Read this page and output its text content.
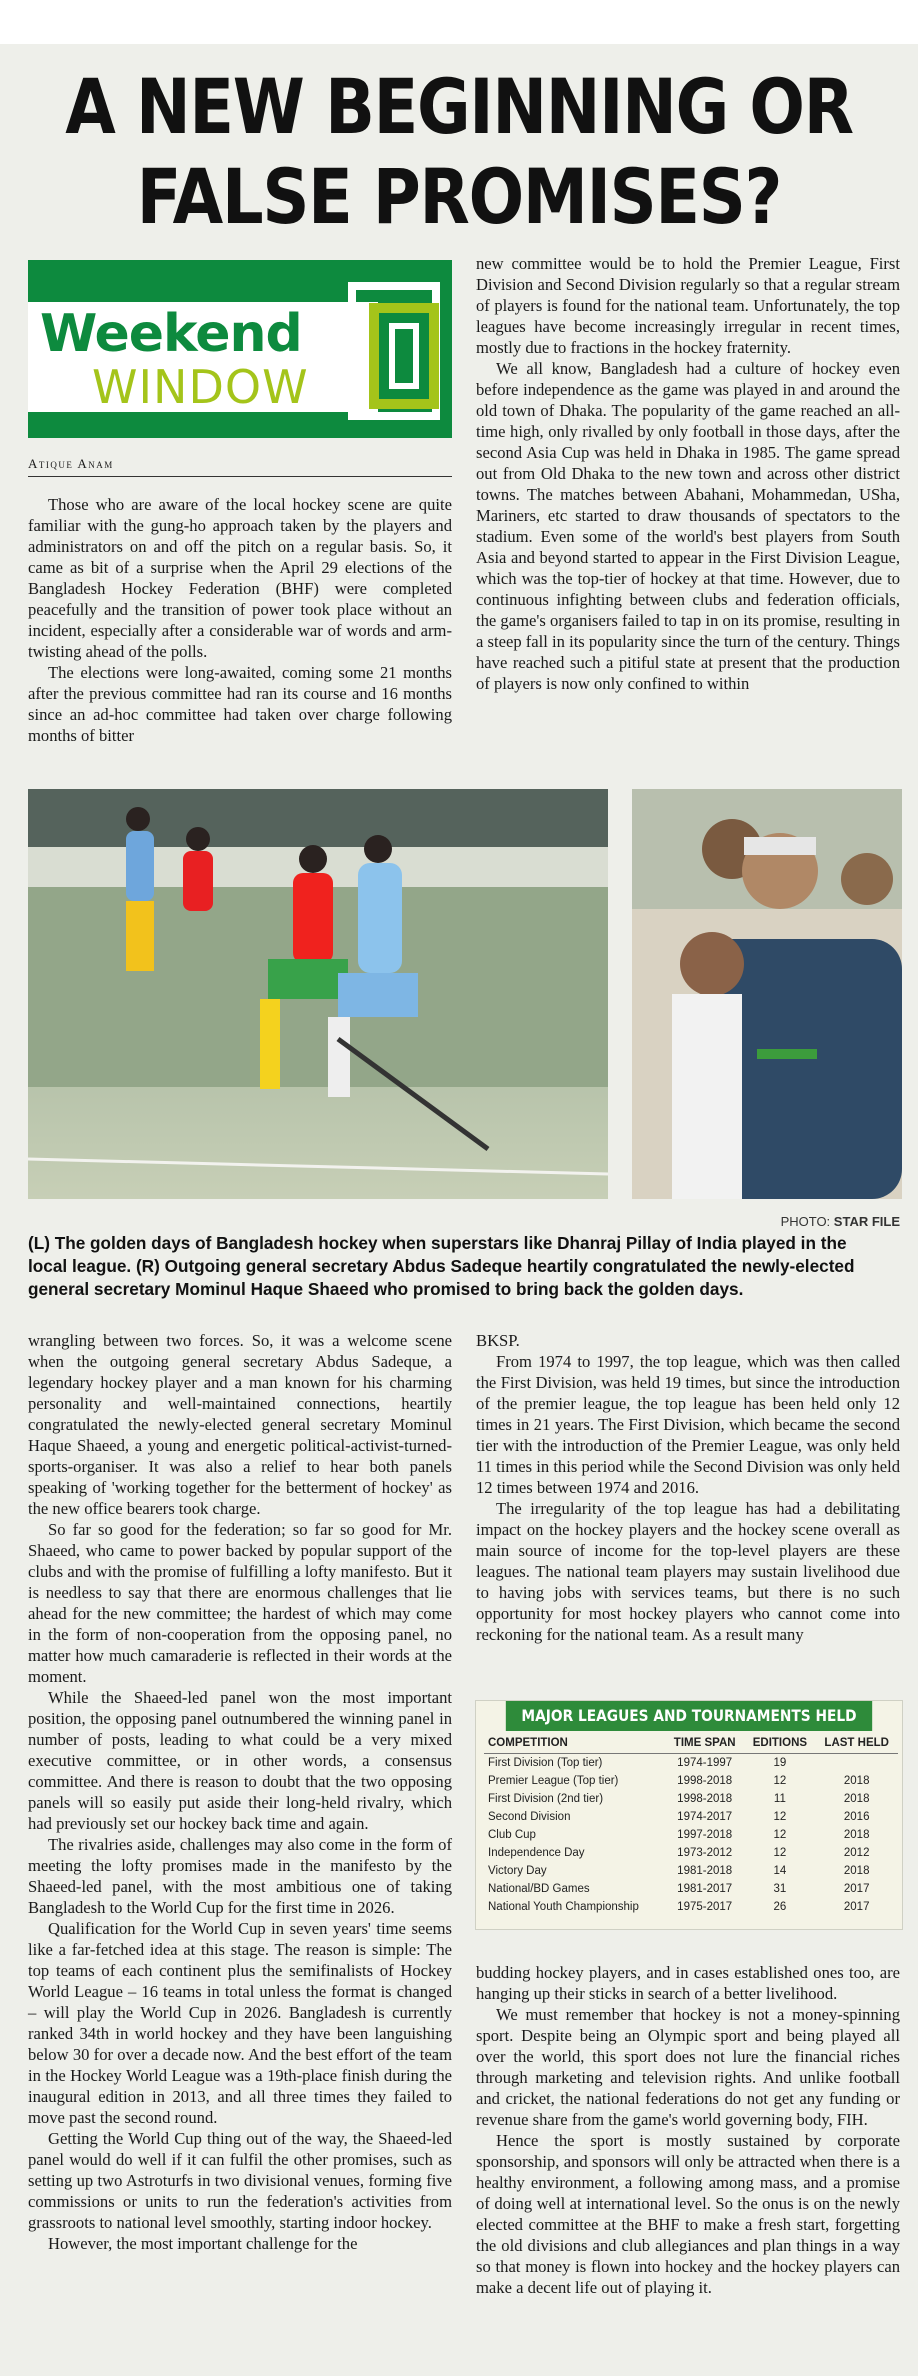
A NEW BEGINNING OR
FALSE PROMISES?
Weekend
WINDOW
Atique Anam

Those who are aware of the local hockey scene are quite familiar with the gung-ho approach taken by the players and administrators on and off the pitch on a regular basis. So, it came as bit of a surprise when the April 29 elections of the Bangladesh Hockey Federation (BHF) were completed peacefully and the transition of power took place without an incident, especially after a considerable war of words and arm-twisting ahead of the polls.

The elections were long-awaited, coming some 21 months after the previous committee had ran its course and 16 months since an ad-hoc committee had taken over charge following months of bitter

new committee would be to hold the Premier League, First Division and Second Division regularly so that a regular stream of players is found for the national team. Unfortunately, the top leagues have become increasingly irregular in recent times, mostly due to fractions in the hockey fraternity.

We all know, Bangladesh had a culture of hockey even before independence as the game was played in and around the old town of Dhaka. The popularity of the game reached an all-time high, only rivalled by only football in those days, after the second Asia Cup was held in Dhaka in 1985. The game spread out from Old Dhaka to the new town and across other district towns. The matches between Abahani, Mohammedan, USha, Mariners, etc started to draw thousands of spectators to the stadium. Even some of the world's best players from South Asia and beyond started to appear in the First Division League, which was the top-tier of hockey at that time. However, due to continuous infighting between clubs and federation officials, the game's organisers failed to tap in on its promise, resulting in a steep fall in its popularity since the turn of the century. Things have reached such a pitiful state at present that the production of players is now only confined to within

PHOTO: STAR FILE
(L) The golden days of Bangladesh hockey when superstars like Dhanraj Pillay of India played in the local league. (R) Outgoing general secretary Abdus Sadeque heartily congratulated the newly-elected general secretary Mominul Haque Shaeed who promised to bring back the golden days.

wrangling between two forces. So, it was a welcome scene when the outgoing general secretary Abdus Sadeque, a legendary hockey player and a man known for his charming personality and well-maintained connections, heartily congratulated the newly-elected general secretary Mominul Haque Shaeed, a young and energetic political-activist-turned-sports-organiser. It was also a relief to hear both panels speaking of 'working together for the betterment of hockey' as the new office bearers took charge.

So far so good for the federation; so far so good for Mr. Shaeed, who came to power backed by popular support of the clubs and with the promise of fulfilling a lofty manifesto. But it is needless to say that there are enormous challenges that lie ahead for the new committee; the hardest of which may come in the form of non-cooperation from the opposing panel, no matter how much camaraderie is reflected in their words at the moment.

While the Shaeed-led panel won the most important position, the opposing panel outnumbered the winning panel in number of posts, leading to what could be a very mixed executive committee, or in other words, a consensus committee. And there is reason to doubt that the two opposing panels will so easily put aside their long-held rivalry, which had previously set our hockey back time and again.

The rivalries aside, challenges may also come in the form of meeting the lofty promises made in the manifesto by the Shaeed-led panel, with the most ambitious one of taking Bangladesh to the World Cup for the first time in 2026.

Qualification for the World Cup in seven years' time seems like a far-fetched idea at this stage. The reason is simple: The top teams of each continent plus the semifinalists of Hockey World League – 16 teams in total unless the format is changed – will play the World Cup in 2026. Bangladesh is currently ranked 34th in world hockey and they have been languishing below 30 for over a decade now. And the best effort of the team in the Hockey World League was a 19th-place finish during the inaugural edition in 2013, and all three times they failed to move past the second round.

Getting the World Cup thing out of the way, the Shaeed-led panel would do well if it can fulfil the other promises, such as setting up two Astroturfs in two divisional venues, forming five commissions or units to run the federation's activities from grassroots to national level smoothly, starting indoor hockey.

However, the most important challenge for the

BKSP.

From 1974 to 1997, the top league, which was then called the First Division, was held 19 times, but since the introduction of the premier league, the top league has been held only 12 times in 21 years. The First Division, which became the second tier with the introduction of the Premier League, was only held 11 times in this period while the Second Division was only held 12 times between 1974 and 2016.

The irregularity of the top league has had a debilitating impact on the hockey players and the hockey scene overall as main source of income for the top-level players are these leagues. The national team players may sustain livelihood due to having jobs with services teams, but there is no such opportunity for most hockey players who cannot come into reckoning for the national team. As a result many

MAJOR LEAGUES AND TOURNAMENTS HELD
COMPETITION	TIME SPAN	EDITIONS	LAST HELD
First Division (Top tier)	1974-1997	19	
Premier League (Top tier)	1998-2018	12	2018
First Division (2nd tier)	1998-2018	11	2018
Second Division	1974-2017	12	2016
Club Cup	1997-2018	12	2018
Independence Day	1973-2012	12	2012
Victory Day	1981-2018	14	2018
National/BD Games	1981-2017	31	2017
National Youth Championship	1975-2017	26	2017

budding hockey players, and in cases established ones too, are hanging up their sticks in search of a better livelihood.

We must remember that hockey is not a money-spinning sport. Despite being an Olympic sport and being played all over the world, this sport does not lure the financial riches through marketing and television rights. And unlike football and cricket, the national federations do not get any funding or revenue share from the game's world governing body, FIH.

Hence the sport is mostly sustained by corporate sponsorship, and sponsors will only be attracted when there is a healthy environment, a following among mass, and a promise of doing well at international level. So the onus is on the newly elected committee at the BHF to make a fresh start, forgetting the old divisions and club allegiances and plan things in a way so that money is flown into hockey and the hockey players can make a decent life out of playing it.
